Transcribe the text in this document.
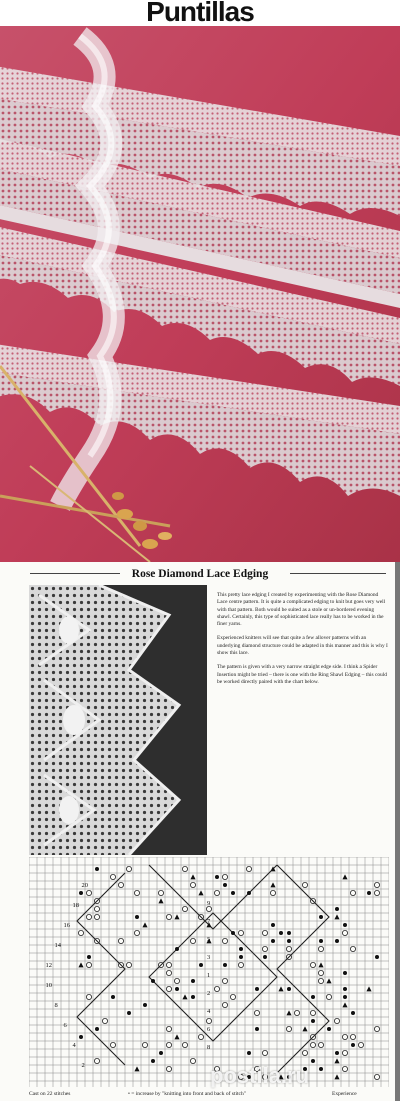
Puntillas
Rose Diamond Lace Edging

This pretty lace edging I created by experimenting with the Rose Diamond Lace centre pattern. It is quite a complicated edging to knit but goes very well with that pattern. Both would be suited as a stole or un-bordered evening shawl. Certainly, this type of sophisticated lace really has to be worked in the finer yarns.

Experienced knitters will see that quite a few allover patterns with an underlying diamond structure could be adapted in this manner and this is why I show this lace.

The pattern is given with a very narrow straight edge side. I think a Spider Insertion might be tried – there is one with the Ring Shawl Edging – this could be worked directly paired with the chart below.

20
18
16
14
12
10
8
6
4
2
9
7
5
3
1
2
4
6
8
Cast on 22 stitches	• = increase by "knitting into front and back of stitch"	Experience
postila.ru
